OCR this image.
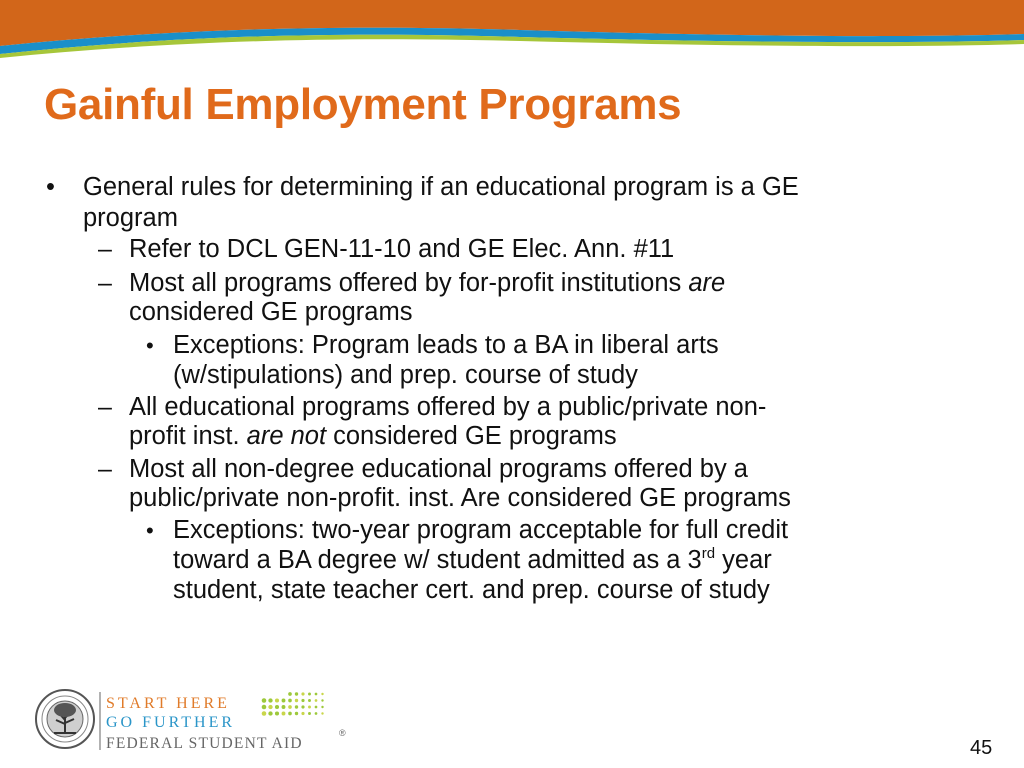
Gainful Employment Programs
• General rules for determining if an educational program is a GE
program
– Refer to DCL GEN-11-10 and GE Elec. Ann. #11
– Most all programs offered by for-profit institutions are
considered GE programs
• Exceptions: Program leads to a BA in liberal arts
(w/stipulations) and prep. course of study
– All educational programs offered by a public/private non-
profit inst. are not considered GE programs
– Most all non-degree educational programs offered by a
public/private non-profit. inst. Are considered GE programs
• Exceptions: two-year program acceptable for full credit
toward a BA degree w/ student admitted as a 3rd year
student, state teacher cert. and prep. course of study
START HERE
GO FURTHER
FEDERAL STUDENT AID
®
45
